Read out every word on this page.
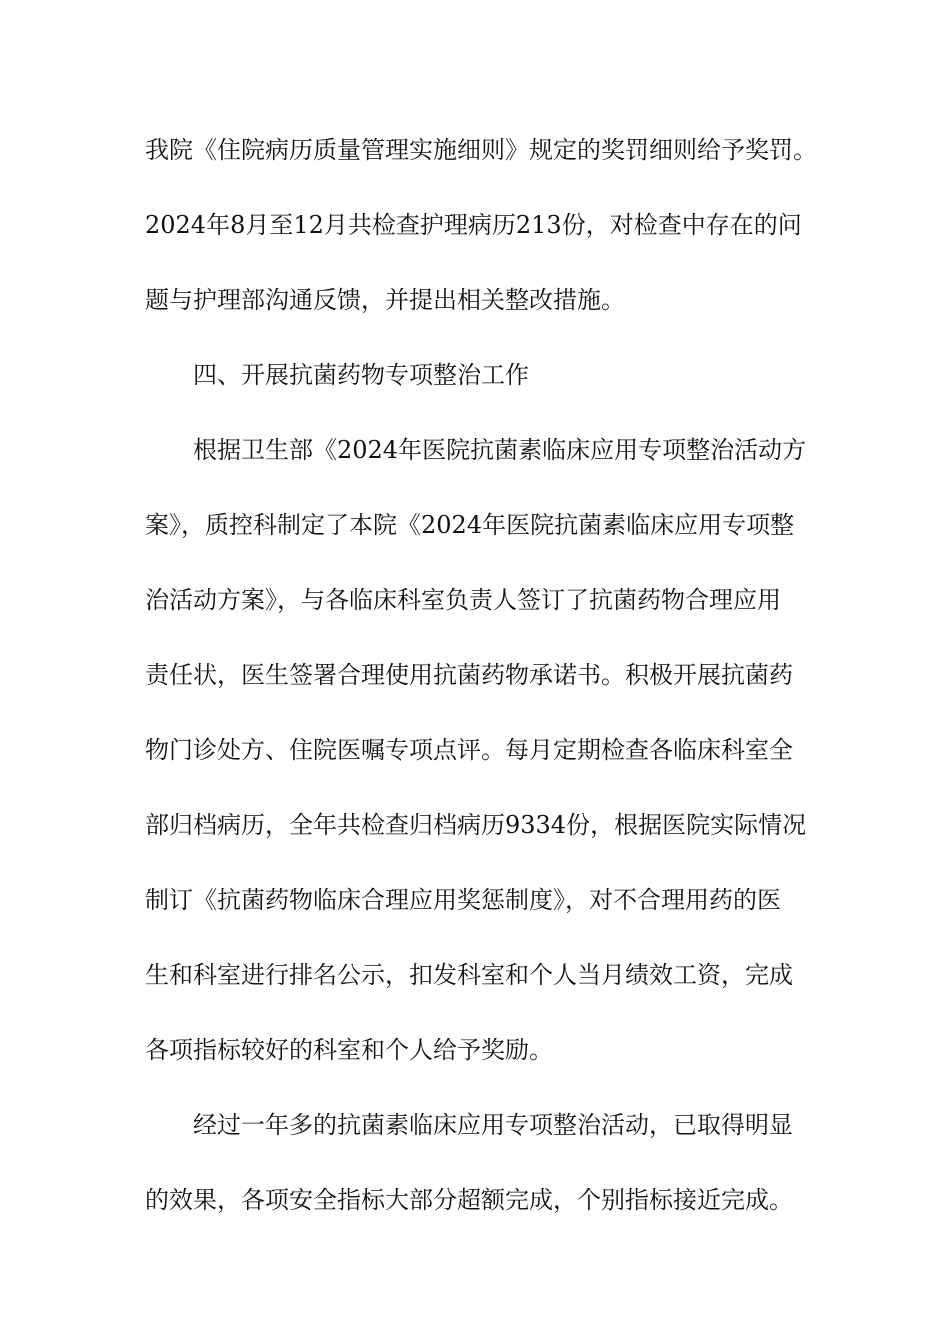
我院《住院病历质量管理实施细则》规定的奖罚细则给予奖罚。
2024年8月至12月共检查护理病历213份，对检查中存在的问
题与护理部沟通反馈，并提出相关整改措施。
四、开展抗菌药物专项整治工作
根据卫生部《2024年医院抗菌素临床应用专项整治活动方
案》，质控科制定了本院《2024年医院抗菌素临床应用专项整
治活动方案》，与各临床科室负责人签订了抗菌药物合理应用
责任状，医生签署合理使用抗菌药物承诺书。积极开展抗菌药
物门诊处方、住院医嘱专项点评。每月定期检查各临床科室全
部归档病历，全年共检查归档病历9334份，根据医院实际情况
制订《抗菌药物临床合理应用奖惩制度》，对不合理用药的医
生和科室进行排名公示，扣发科室和个人当月绩效工资，完成
各项指标较好的科室和个人给予奖励。
经过一年多的抗菌素临床应用专项整治活动，已取得明显
的效果，各项安全指标大部分超额完成，个别指标接近完成。
